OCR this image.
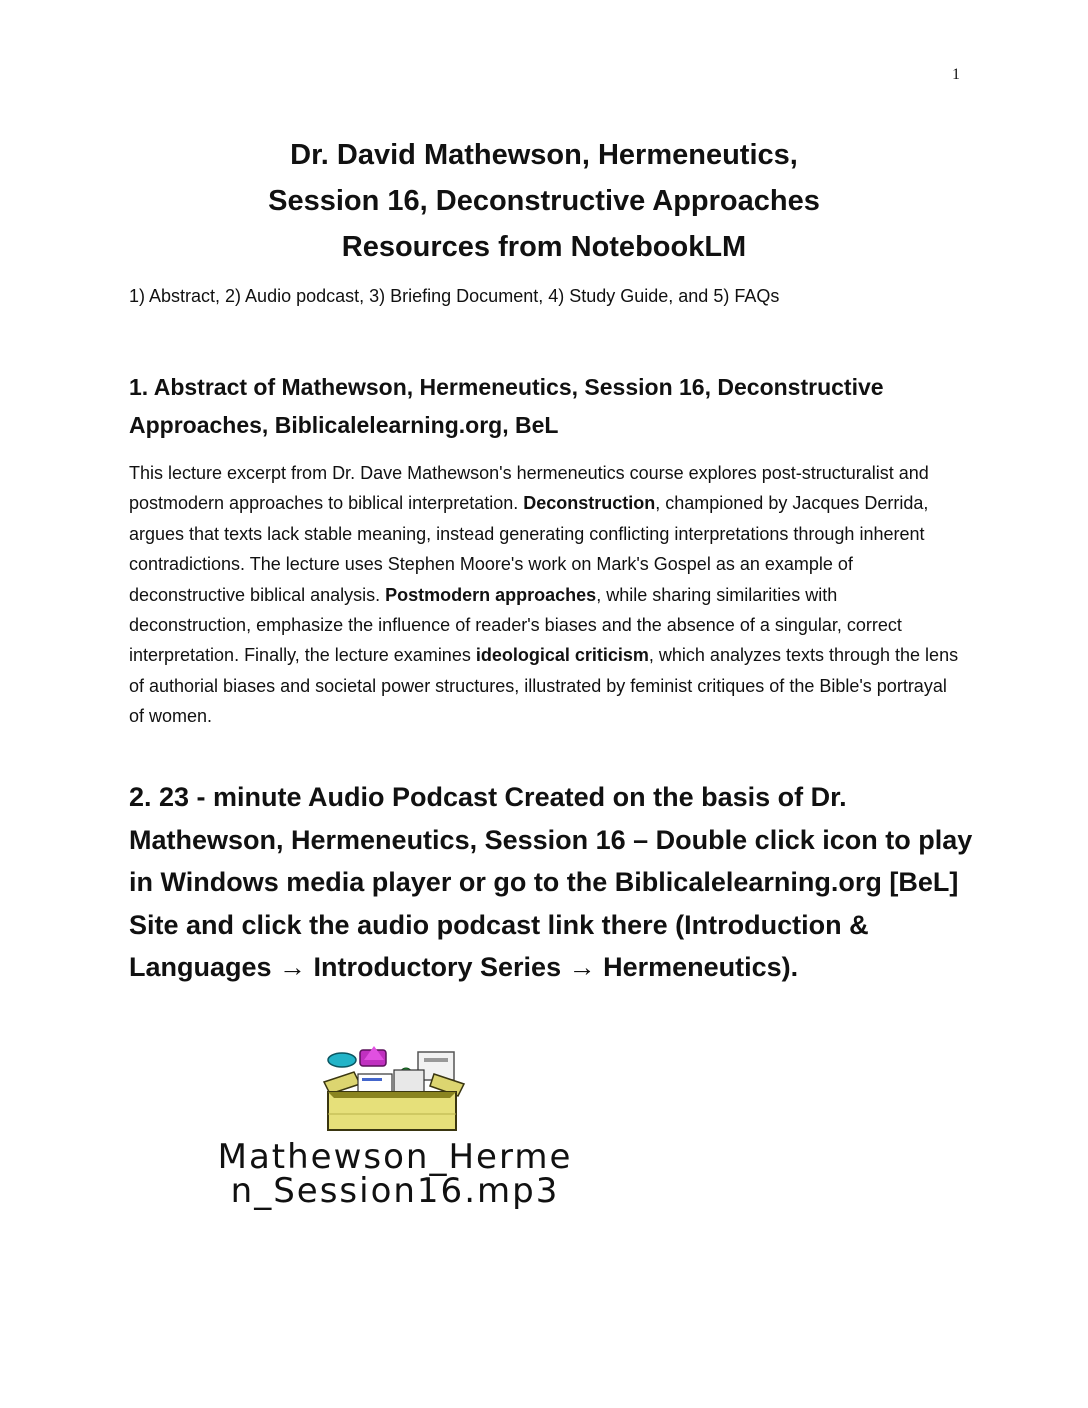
1
Dr. David Mathewson, Hermeneutics,
Session 16, Deconstructive Approaches
Resources from NotebookLM
1) Abstract, 2) Audio podcast, 3) Briefing Document, 4) Study Guide, and 5) FAQs
1. Abstract of Mathewson, Hermeneutics, Session 16, Deconstructive Approaches, Biblicalelearning.org, BeL
This lecture excerpt from Dr. Dave Mathewson's hermeneutics course explores post-structuralist and postmodern approaches to biblical interpretation. Deconstruction, championed by Jacques Derrida, argues that texts lack stable meaning, instead generating conflicting interpretations through inherent contradictions. The lecture uses Stephen Moore's work on Mark's Gospel as an example of deconstructive biblical analysis. Postmodern approaches, while sharing similarities with deconstruction, emphasize the influence of reader's biases and the absence of a singular, correct interpretation. Finally, the lecture examines ideological criticism, which analyzes texts through the lens of authorial biases and societal power structures, illustrated by feminist critiques of the Bible's portrayal of women.
2. 23 - minute Audio Podcast Created on the basis of Dr. Mathewson, Hermeneutics, Session 16 – Double click icon to play in Windows media player or go to the Biblicalelearning.org [BeL] Site and click the audio podcast link there (Introduction & Languages → Introductory Series → Hermeneutics).
Mathewson_Herme
n_Session16.mp3
